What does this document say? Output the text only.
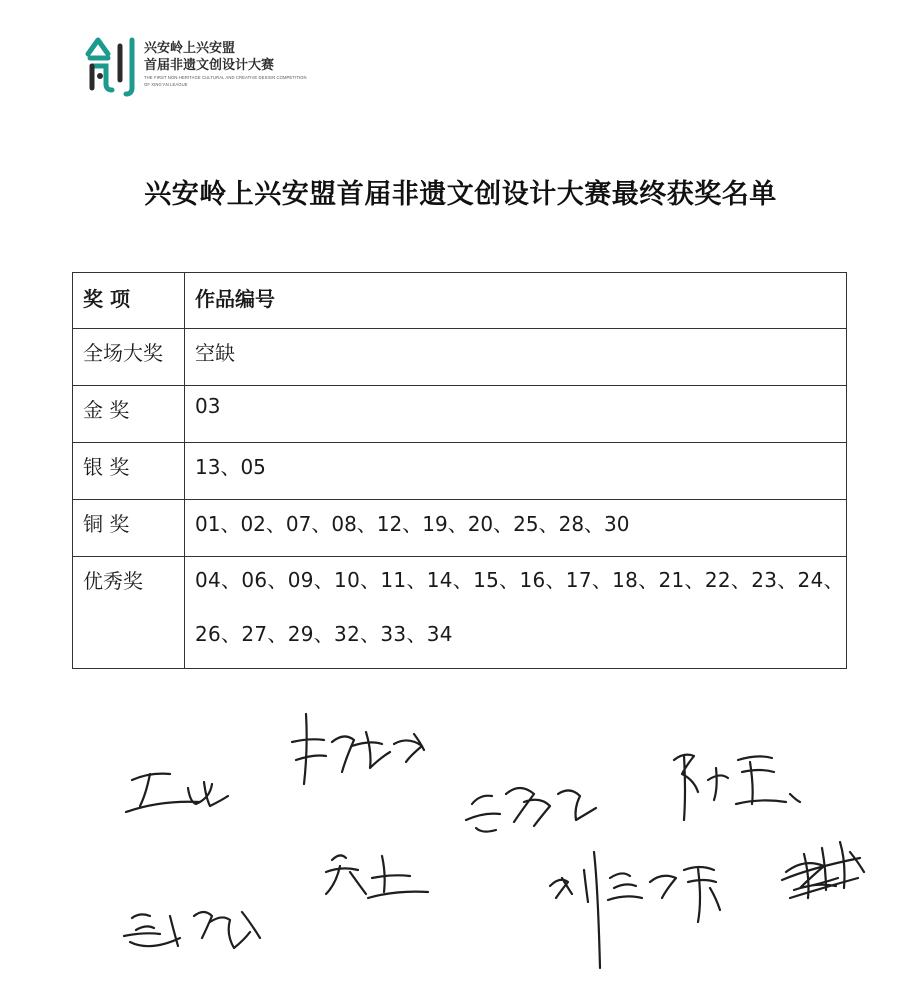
兴安岭上兴安盟
首届非遗文创设计大赛
THE FIRST NON-HERITAGE CULTURAL AND CREATIVE DESIGN COMPETITION
OF XING'AN LEAGUE
兴安岭上兴安盟首届非遗文创设计大赛最终获奖名单
奖 项	作品编号

全场大奖	空缺

金 奖	03

银 奖	13、05

铜 奖	01、02、07、08、12、19、20、25、28、30

优秀奖	04、06、09、10、11、14、15、16、17、18、21、22、23、24、26、27、29、32、33、34
